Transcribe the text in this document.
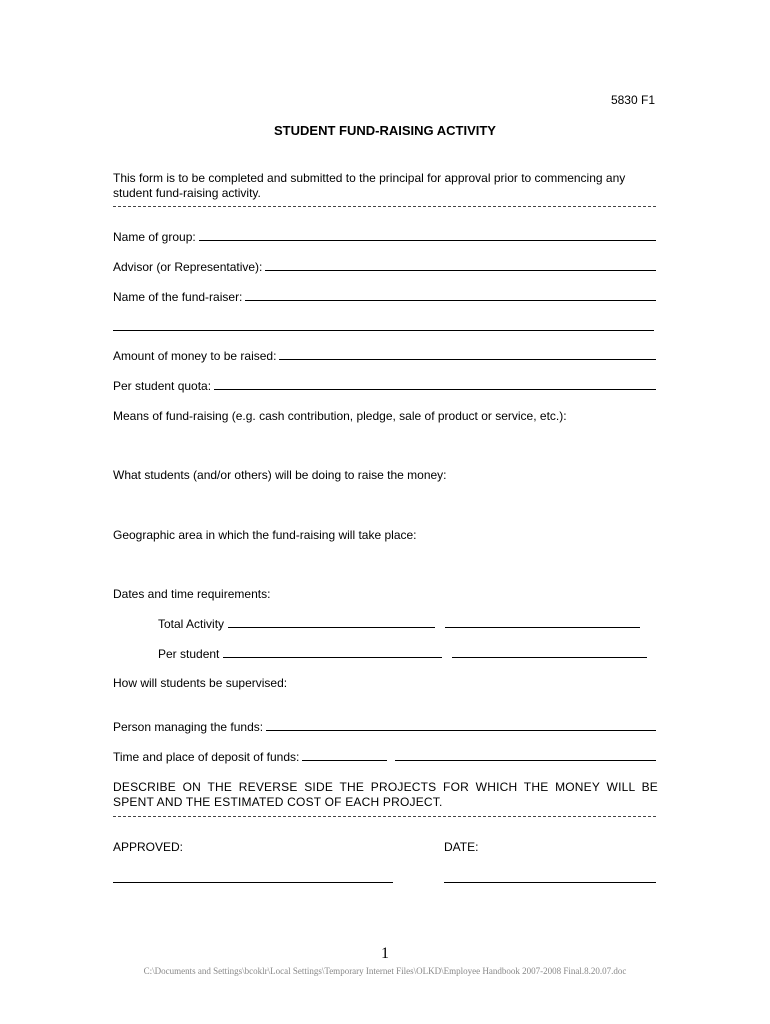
5830 F1
STUDENT FUND-RAISING ACTIVITY
This form is to be completed and submitted to the principal for approval prior to commencing any student fund-raising activity.
Name of group:
Advisor (or Representative):
Name of the fund-raiser:
Amount of money to be raised:
Per student quota:
Means of fund-raising (e.g. cash contribution, pledge, sale of product or service, etc.):
What students (and/or others) will be doing to raise the money:
Geographic area in which the fund-raising will take place:
Dates and time requirements:
Total Activity
Per student
How will students be supervised:
Person managing the funds:
Time and place of deposit of funds:
DESCRIBE ON THE REVERSE SIDE THE PROJECTS FOR WHICH THE MONEY WILL BE SPENT AND THE ESTIMATED COST OF EACH PROJECT.
APPROVED:	DATE:
1
C:\Documents and Settings\bcoklr\Local Settings\Temporary Internet Files\OLKD\Employee Handbook 2007-2008 Final.8.20.07.doc
